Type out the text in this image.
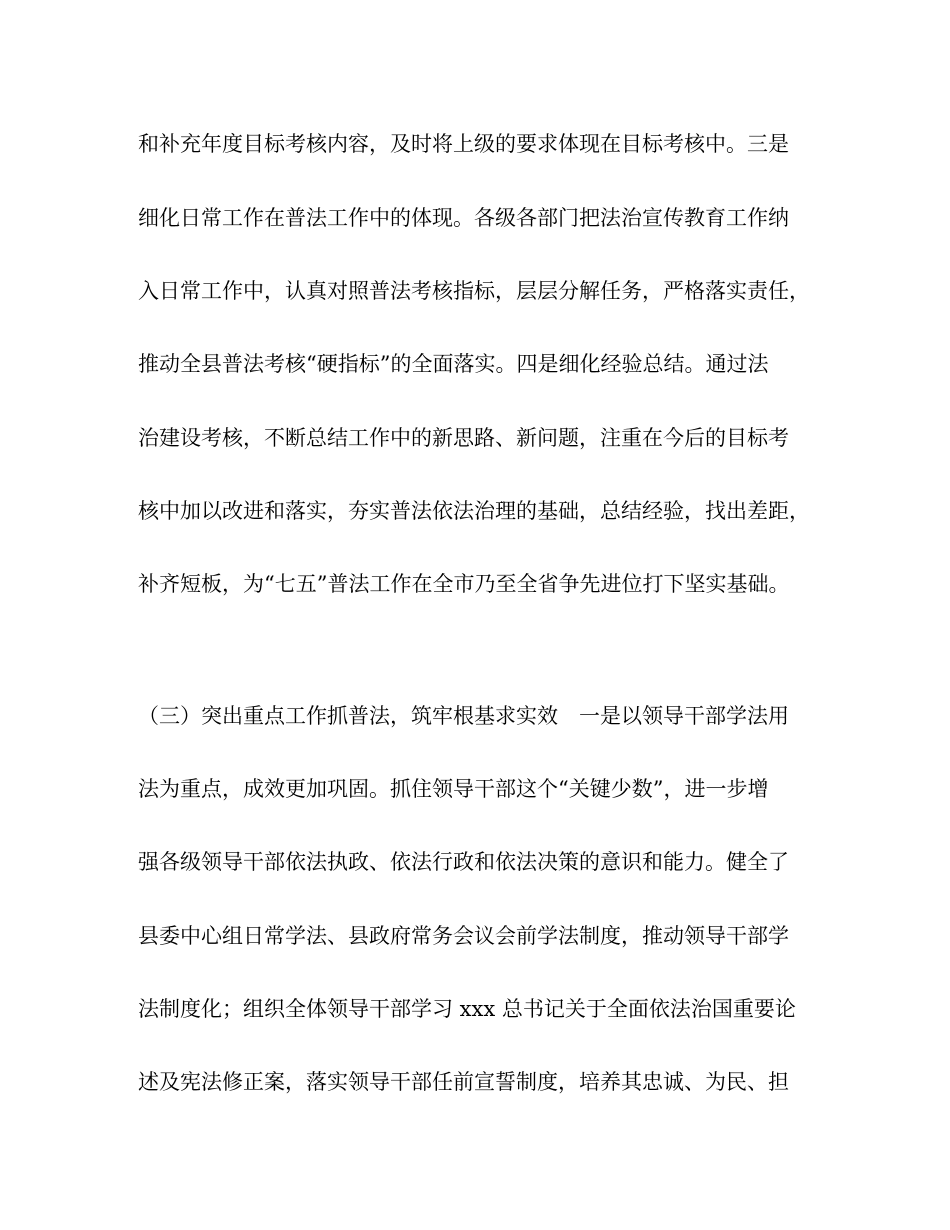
和补充年度目标考核内容，及时将上级的要求体现在目标考核中。三是

细化日常工作在普法工作中的体现。各级各部门把法治宣传教育工作纳

入日常工作中，认真对照普法考核指标，层层分解任务，严格落实责任，

推动全县普法考核“硬指标”的全面落实。四是细化经验总结。通过法

治建设考核，不断总结工作中的新思路、新问题，注重在今后的目标考

核中加以改进和落实，夯实普法依法治理的基础，总结经验，找出差距，

补齐短板，为“七五”普法工作在全市乃至全省争先进位打下坚实基础。

（三）突出重点工作抓普法，筑牢根基求实效　一是以领导干部学法用

法为重点，成效更加巩固。抓住领导干部这个“关键少数”，进一步增

强各级领导干部依法执政、依法行政和依法决策的意识和能力。健全了

县委中心组日常学法、县政府常务会议会前学法制度，推动领导干部学

法制度化；组织全体领导干部学习 xxx 总书记关于全面依法治国重要论

述及宪法修正案，落实领导干部任前宣誓制度，培养其忠诚、为民、担
